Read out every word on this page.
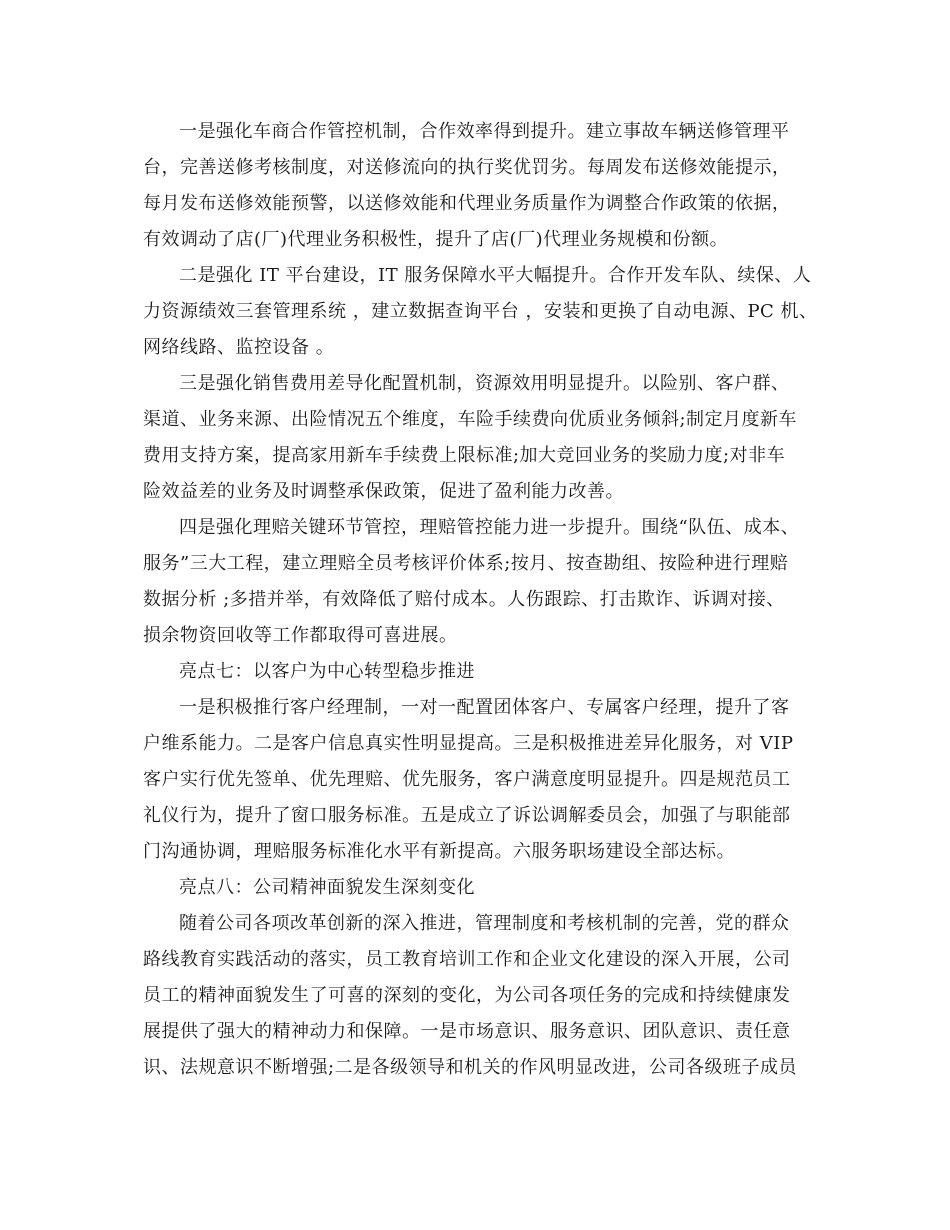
一是强化车商合作管控机制，合作效率得到提升。建立事故车辆送修管理平

台，完善送修考核制度，对送修流向的执行奖优罚劣。每周发布送修效能提示，

每月发布送修效能预警，以送修效能和代理业务质量作为调整合作政策的依据，

有效调动了店(厂)代理业务积极性，提升了店(厂)代理业务规模和份额。

二是强化 IT 平台建设，IT 服务保障水平大幅提升。合作开发车队、续保、人

力资源绩效三套管理系统 ，建立数据查询平台 ，安装和更换了自动电源、PC 机、

网络线路、监控设备 。

三是强化销售费用差导化配置机制，资源效用明显提升。以险别、客户群、

渠道、业务来源、出险情况五个维度，车险手续费向优质业务倾斜;制定月度新车

费用支持方案，提高家用新车手续费上限标准;加大竞回业务的奖励力度;对非车

险效益差的业务及时调整承保政策，促进了盈利能力改善。

四是强化理赔关键环节管控，理赔管控能力进一步提升。围绕“队伍、成本、

服务”三大工程，建立理赔全员考核评价体系;按月、按查勘组、按险种进行理赔

数据分析 ;多措并举，有效降低了赔付成本。人伤跟踪、打击欺诈、诉调对接、

损余物资回收等工作都取得可喜进展。

亮点七：以客户为中心转型稳步推进

一是积极推行客户经理制，一对一配置团体客户、专属客户经理，提升了客

户维系能力。二是客户信息真实性明显提高。三是积极推进差异化服务，对 VIP

客户实行优先签单、优先理赔、优先服务，客户满意度明显提升。四是规范员工

礼仪行为，提升了窗口服务标准。五是成立了诉讼调解委员会，加强了与职能部

门沟通协调，理赔服务标准化水平有新提高。六服务职场建设全部达标。

亮点八：公司精神面貌发生深刻变化

随着公司各项改革创新的深入推进，管理制度和考核机制的完善，党的群众

路线教育实践活动的落实，员工教育培训工作和企业文化建设的深入开展，公司

员工的精神面貌发生了可喜的深刻的变化，为公司各项任务的完成和持续健康发

展提供了强大的精神动力和保障。一是市场意识、服务意识、团队意识、责任意

识、法规意识不断增强;二是各级领导和机关的作风明显改进，公司各级班子成员
